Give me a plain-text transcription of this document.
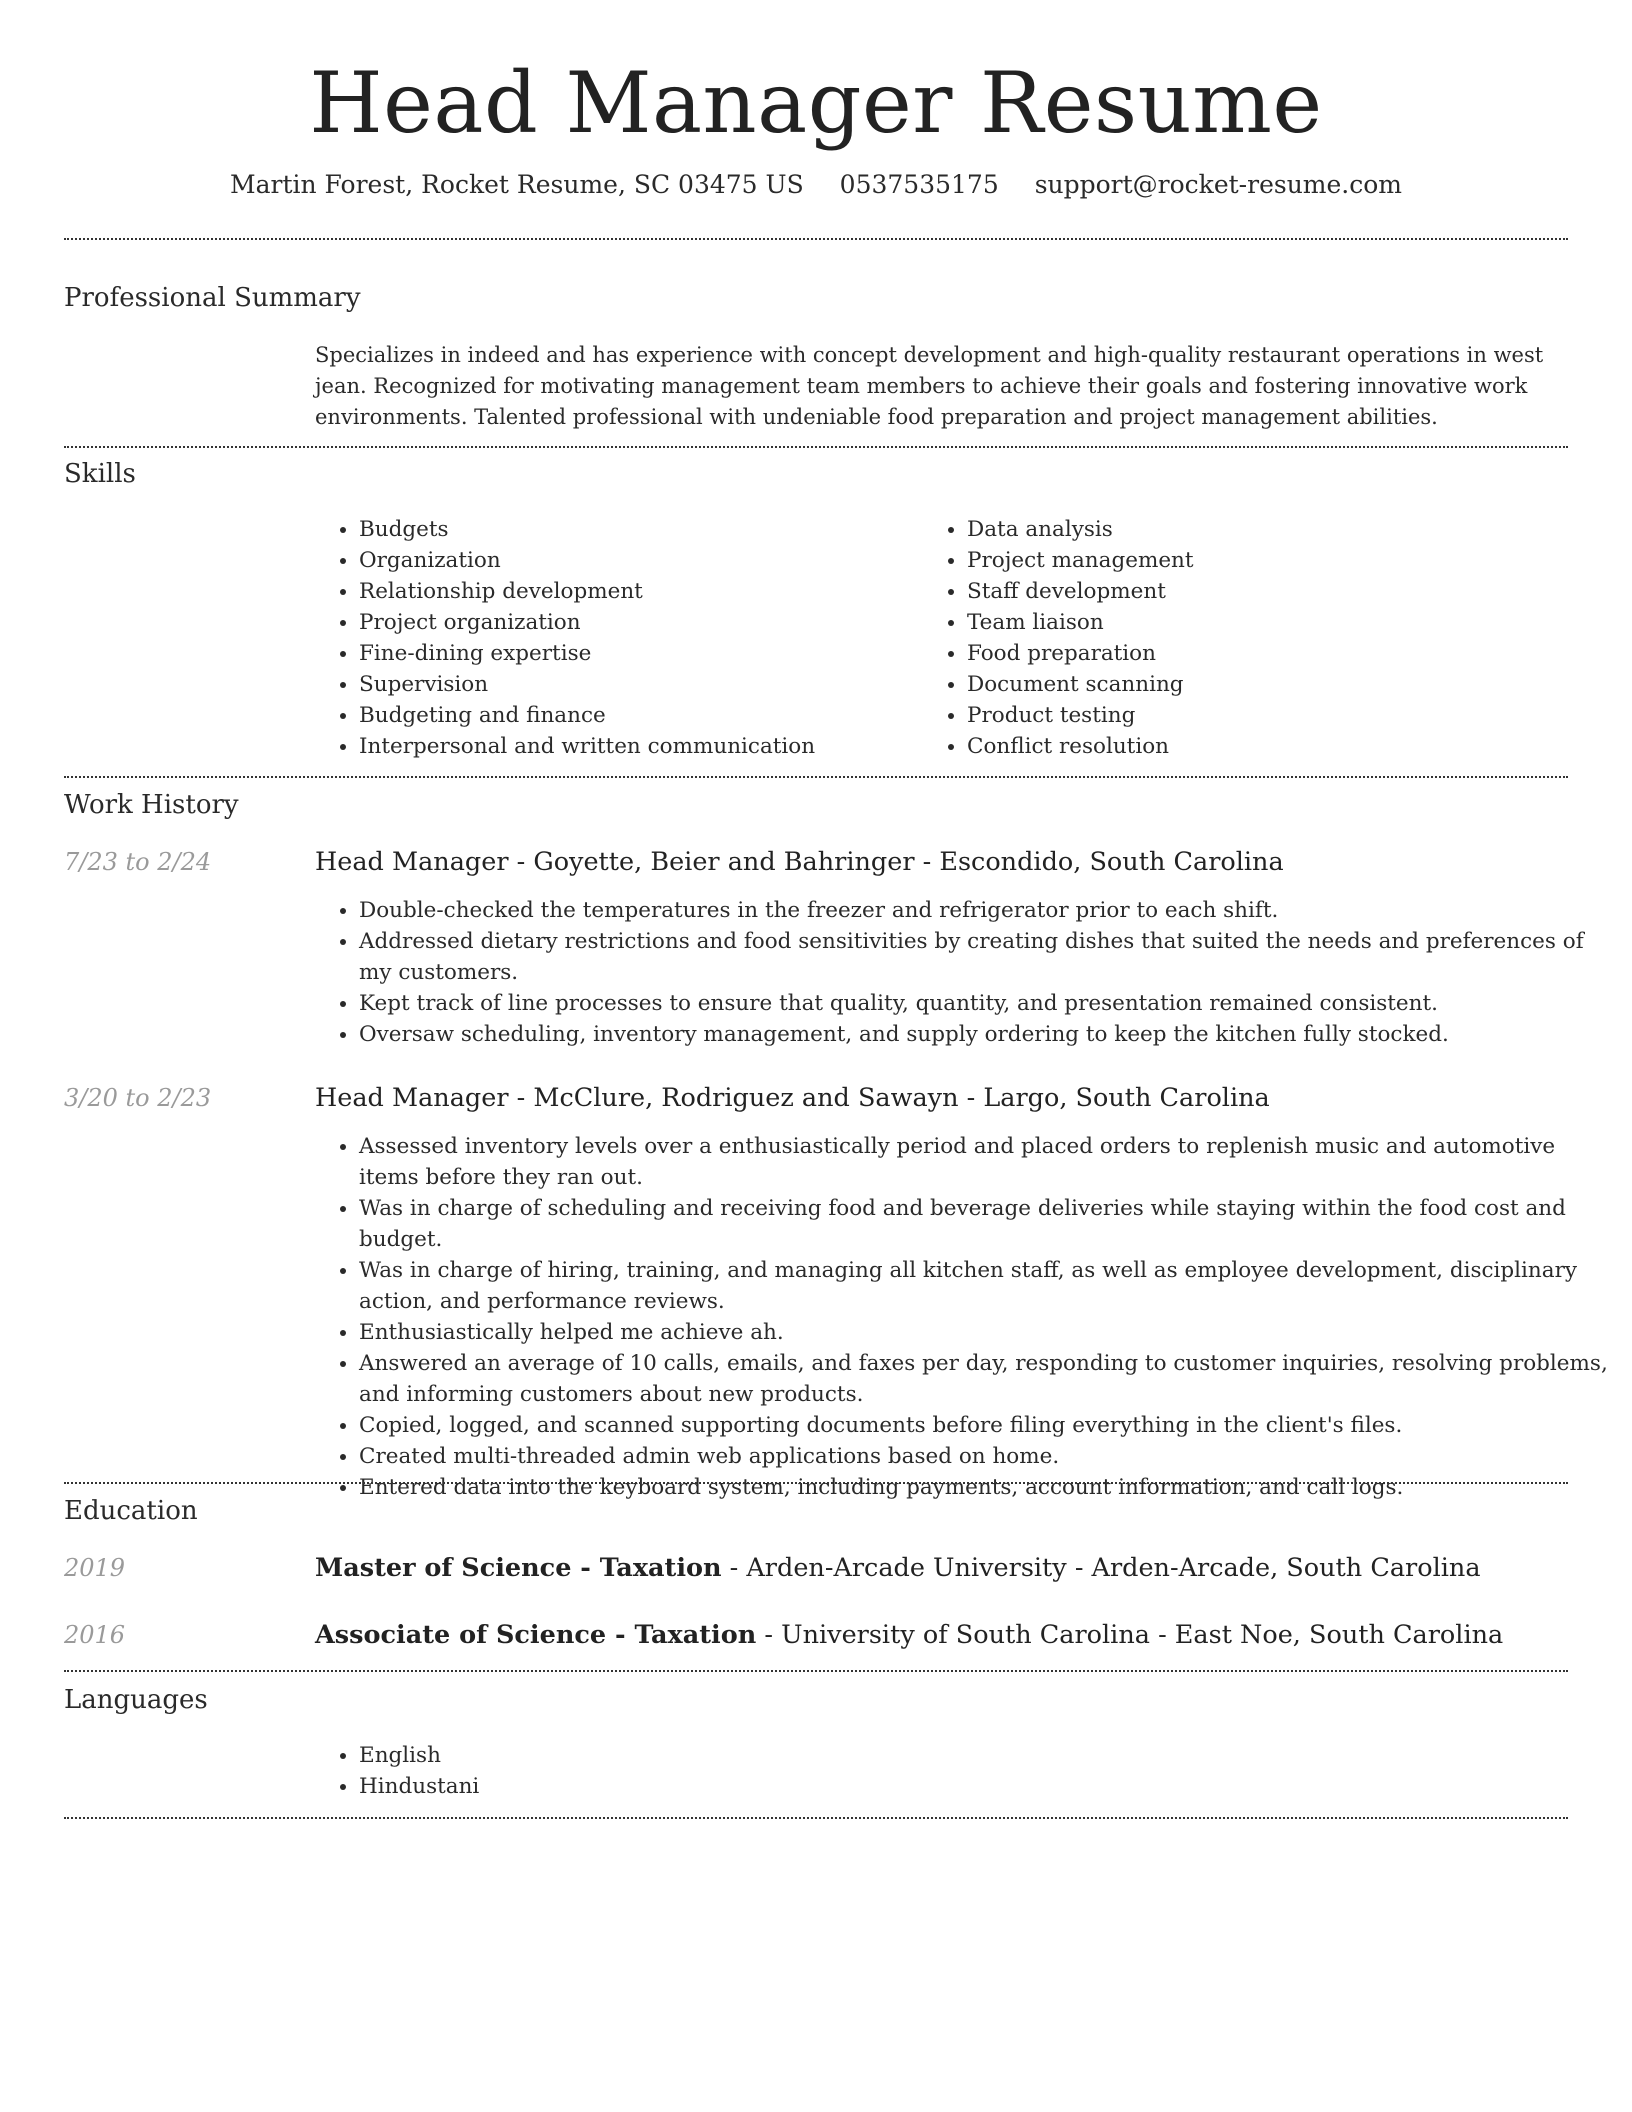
Head Manager Resume
Martin Forest, Rocket Resume, SC 03475 US 0537535175 support@rocket-resume.com
Professional Summary
Specializes in indeed and has experience with concept development and high-quality restaurant operations in west jean. Recognized for motivating management team members to achieve their goals and fostering innovative work environments. Talented professional with undeniable food preparation and project management abilities.
Skills
• Budgets
• Organization
• Relationship development
• Project organization
• Fine-dining expertise
• Supervision
• Budgeting and finance
• Interpersonal and written communication
• Data analysis
• Project management
• Staff development
• Team liaison
• Food preparation
• Document scanning
• Product testing
• Conflict resolution
Work History
7/23 to 2/24	Head Manager - Goyette, Beier and Bahringer - Escondido, South Carolina
• Double-checked the temperatures in the freezer and refrigerator prior to each shift.
• Addressed dietary restrictions and food sensitivities by creating dishes that suited the needs and preferences of my customers.
• Kept track of line processes to ensure that quality, quantity, and presentation remained consistent.
• Oversaw scheduling, inventory management, and supply ordering to keep the kitchen fully stocked.
3/20 to 2/23	Head Manager - McClure, Rodriguez and Sawayn - Largo, South Carolina
• Assessed inventory levels over a enthusiastically period and placed orders to replenish music and automotive items before they ran out.
• Was in charge of scheduling and receiving food and beverage deliveries while staying within the food cost and budget.
• Was in charge of hiring, training, and managing all kitchen staff, as well as employee development, disciplinary action, and performance reviews.
• Enthusiastically helped me achieve ah.
• Answered an average of 10 calls, emails, and faxes per day, responding to customer inquiries, resolving problems, and informing customers about new products.
• Copied, logged, and scanned supporting documents before filing everything in the client's files.
• Created multi-threaded admin web applications based on home.
• Entered data into the keyboard system, including payments, account information, and call logs.
Education
2019	Master of Science - Taxation - Arden-Arcade University - Arden-Arcade, South Carolina
2016	Associate of Science - Taxation - University of South Carolina - East Noe, South Carolina
Languages
• English
• Hindustani
